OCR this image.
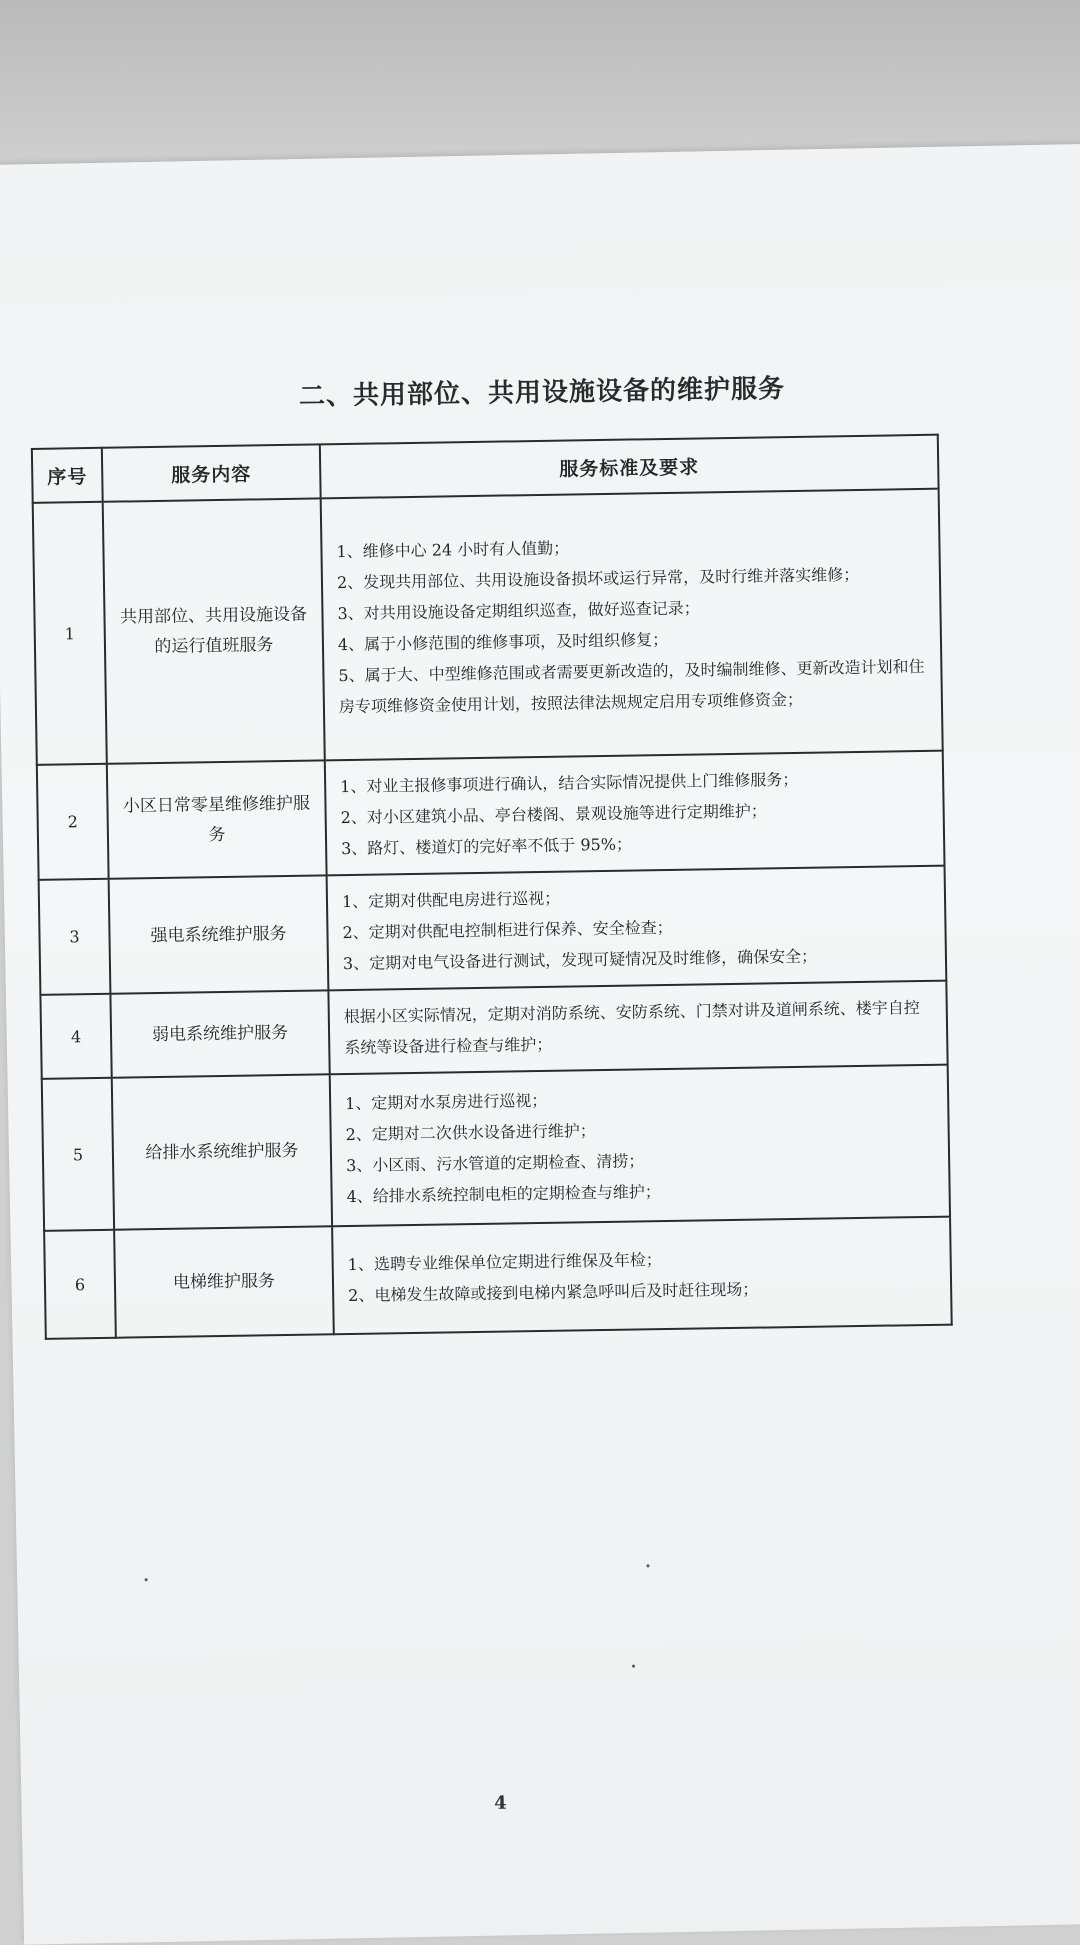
二、共用部位、共用设施设备的维护服务
序号	服务内容	服务标准及要求
1	共用部位、共用设施设备的运行值班服务	1、维修中心 24 小时有人值勤；
2、发现共用部位、共用设施设备损坏或运行异常，及时行维并落实维修；
3、对共用设施设备定期组织巡查，做好巡查记录；
4、属于小修范围的维修事项，及时组织修复；
5、属于大、中型维修范围或者需要更新改造的，及时编制维修、更新改造计划和住房专项维修资金使用计划，按照法律法规规定启用专项维修资金；

2	小区日常零星维修维护服务	1、对业主报修事项进行确认，结合实际情况提供上门维修服务；
2、对小区建筑小品、亭台楼阁、景观设施等进行定期维护；
3、路灯、楼道灯的完好率不低于 95%；

3	强电系统维护服务	1、定期对供配电房进行巡视；
2、定期对供配电控制柜进行保养、安全检查；
3、定期对电气设备进行测试，发现可疑情况及时维修，确保安全；

4	弱电系统维护服务	根据小区实际情况，定期对消防系统、安防系统、门禁对讲及道闸系统、楼宇自控系统等设备进行检查与维护；

5	给排水系统维护服务	1、定期对水泵房进行巡视；
2、定期对二次供水设备进行维护；
3、小区雨、污水管道的定期检查、清捞；
4、给排水系统控制电柜的定期检查与维护；

6	电梯维护服务	1、选聘专业维保单位定期进行维保及年检；
2、电梯发生故障或接到电梯内紧急呼叫后及时赶往现场；
4
